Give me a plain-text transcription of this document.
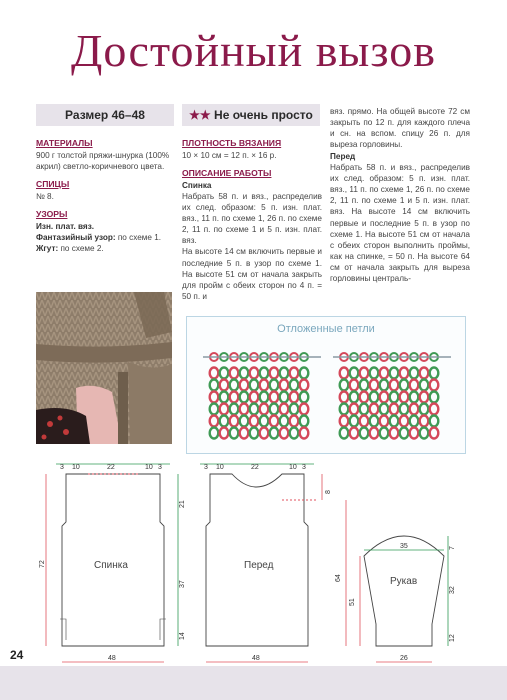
Достойный вызов
Размер 46–48	★★ Не очень просто

МАТЕРИАЛЫ

900 г толстой пряжи-шнурка (100% акрил) светло-коричневого цвета.

СПИЦЫ

№ 8.

УЗОРЫ

Изн. плат. вяз.

Фантазийный узор: по схеме 1.

Жгут: по схеме 2.

ПЛОТНОСТЬ ВЯЗАНИЯ

10 × 10 см = 12 п. × 16 р.

ОПИСАНИЕ РАБОТЫ

Спинка

Набрать 58 п. и вяз., распределив их след. образом: 5 п. изн. плат. вяз., 11 п. по схеме 1, 26 п. по схеме 2, 11 п. по схеме 1 и 5 п. изн. плат. вяз.

На высоте 14 см включить первые и последние 5 п. в узор по схеме 1. На высоте 51 см от начала закрыть для пройм с обеих сторон по 4 п. = 50 п. и

вяз. прямо. На общей высоте 72 см закрыть по 12 п. для каждого плеча и сн. на вспом. спицу 26 п. для выреза горловины.

Перед

Набрать 58 п. и вяз., распределив их след. образом: 5 п. изн. плат. вяз., 11 п. по схеме 1, 26 п. по схеме 2, 11 п. по схеме 1 и 5 п. изн. плат. вяз. На высоте 14 см включить первые и последние 5 п. в узор по схеме 1. На высоте 51 см от начала с обеих сторон выполнить проймы, как на спинке, = 50 п. На высоте 64 см от начала закрыть для выреза горловины централь-

Отложенные петли
3 10	22	10 3
72
21
37
14
48
Спинка
3 10	22	10 3
8
64
48
Перед
35	7
32
12
51
26
Рукав
24
